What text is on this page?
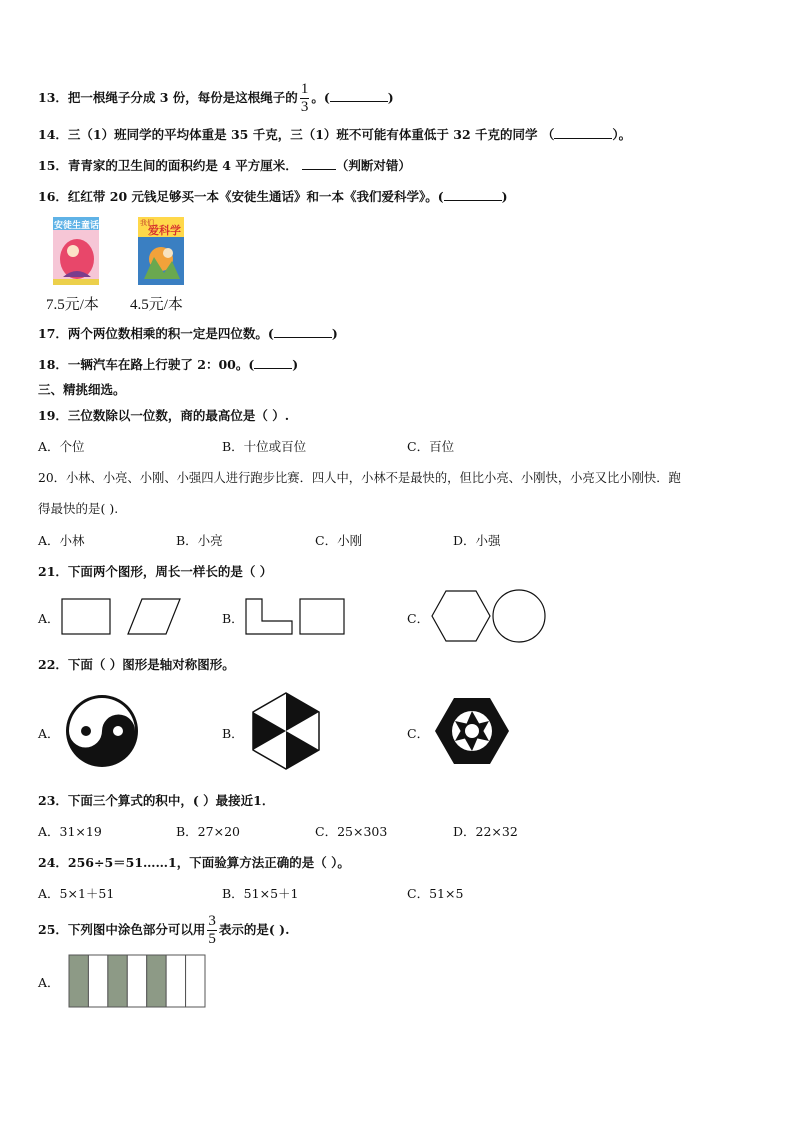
13．把一根绳子分成 3 份，每份是这根绳子的 $\frac{1}{3}$ 。(	)
14．三（1）班同学的平均体重是 35 千克，三（1）班不可能有体重低于 32 千克的同学 （	）。
15．青青家的卫生间的面积约是 4 平方厘米．	（判断对错）
16．红红带 20 元钱足够买一本《安徒生通话》和一本《我们爱科学》。(	)
安徒生童话	我们
爱科学
7.5元/本 4.5元/本
17．两个两位数相乘的积一定是四位数。(	)
18．一辆汽车在路上行驶了 2：00。(	)
三、精挑细选。
19．三位数除以一位数，商的最高位是（ ）.
A．个位	B．十位或百位	C．百位
20．小林、小亮、小刚、小强四人进行跑步比赛．四人中，小林不是最快的，但比小亮、小刚快，小亮又比小刚快．跑
得最快的是( ).
A．小林	B．小亮	C．小刚	D．小强
21．下面两个图形，周长一样长的是（ ）
A．	B．	C．
22．下面（ ）图形是轴对称图形。
A．	B．	C．
23．下面三个算式的积中，( ）最接近1．
A．31×19	B．27×20	C．25×303	D．22×32
24．256÷5＝51……1，下面验算方法正确的是（ ）。
A．5×1＋51	B．51×5＋1	C．51×5
25．下列图中涂色部分可以用 $\frac{3}{5}$ 表示的是( ).
A．
